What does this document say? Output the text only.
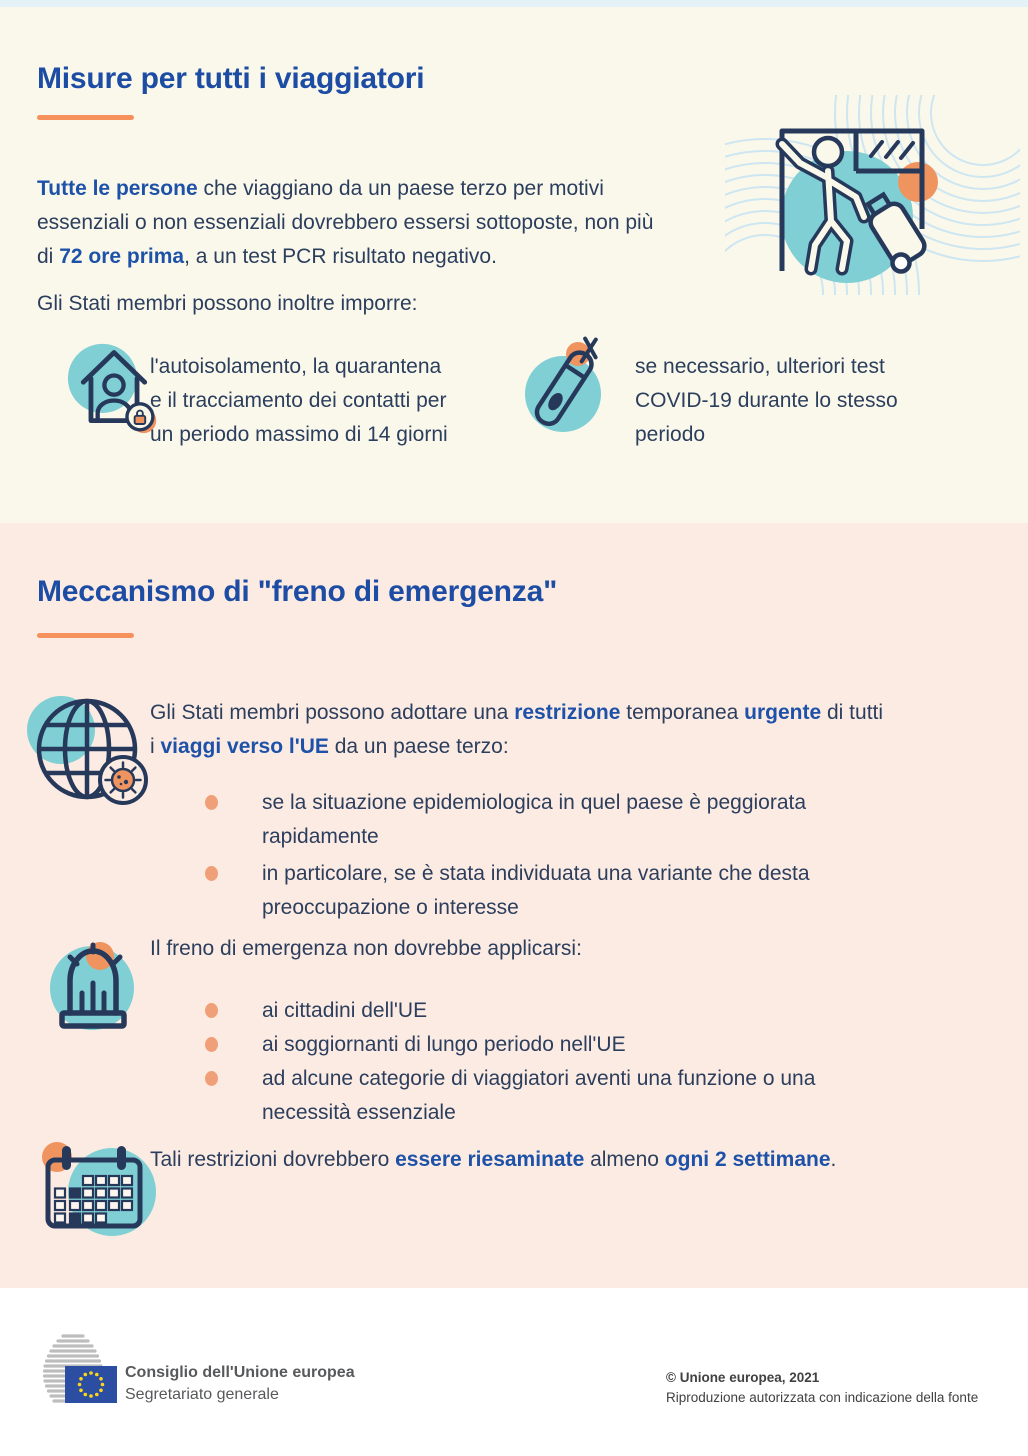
Misure per tutti i viaggiatori
Tutte le persone che viaggiano da un paese terzo per motivi
essenziali o non essenziali dovrebbero essersi sottoposte, non più
di 72 ore prima, a un test PCR risultato negativo.
Gli Stati membri possono inoltre imporre:
l'autoisolamento, la quarantena
e il tracciamento dei contatti per
un periodo massimo di 14 giorni
se necessario, ulteriori test
COVID-19 durante lo stesso
periodo
Meccanismo di "freno di emergenza"
Gli Stati membri possono adottare una restrizione temporanea urgente di tutti
i viaggi verso l'UE da un paese terzo:
se la situazione epidemiologica in quel paese è peggiorata rapidamente
in particolare, se è stata individuata una variante che desta preoccupazione o interesse
Il freno di emergenza non dovrebbe applicarsi:
ai cittadini dell'UE
ai soggiornanti di lungo periodo nell'UE
ad alcune categorie di viaggiatori aventi una funzione o una necessità essenziale
Tali restrizioni dovrebbero essere riesaminate almeno ogni 2 settimane.
Consiglio dell'Unione europea
Segretariato generale
© Unione europea, 2021
Riproduzione autorizzata con indicazione della fonte
